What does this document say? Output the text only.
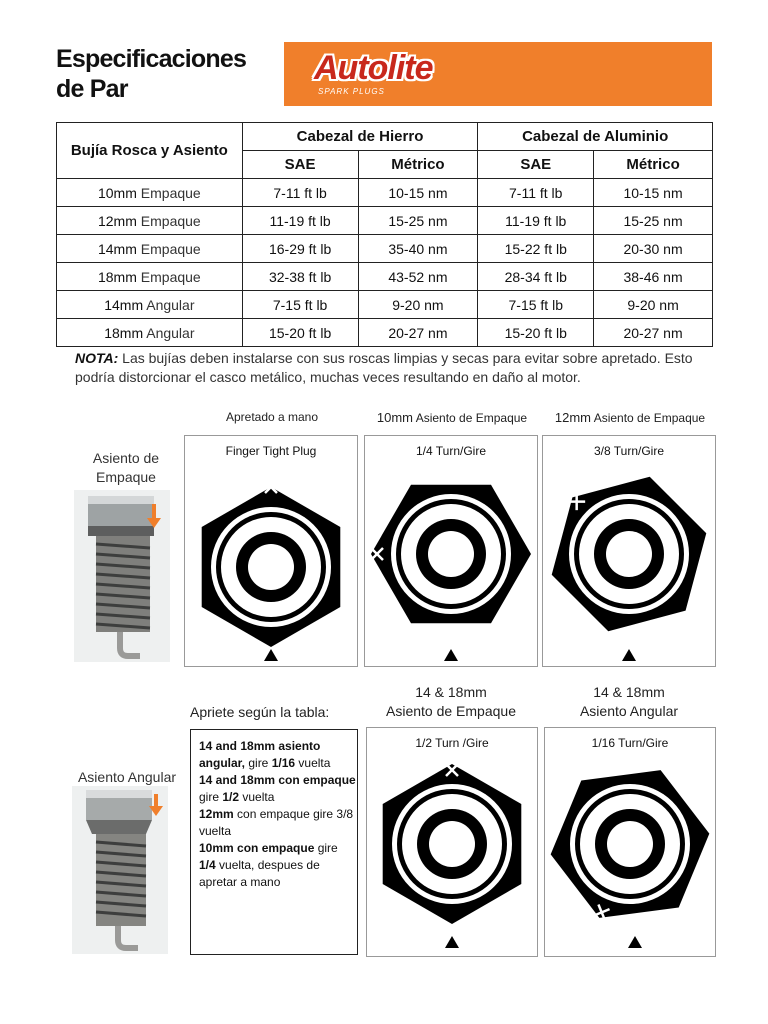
Especificaciones
de Par
Autolite
SPARK PLUGS
Bujía Rosca y Asiento	Cabezal de Hierro		Cabezal de Aluminio	
	SAE	Métrico	SAE	Métrico
10mm Empaque	7-11 ft lb	10-15 nm	7-11 ft lb	10-15 nm
12mm Empaque	11-19 ft lb	15-25 nm	11-19 ft lb	15-25 nm
14mm Empaque	16-29 ft lb	35-40 nm	15-22 ft lb	20-30 nm
18mm Empaque	32-38 ft lb	43-52 nm	28-34 ft lb	38-46 nm
14mm Angular	7-15 ft lb	9-20 nm	7-15 ft lb	9-20 nm
18mm Angular	15-20 ft lb	20-27 nm	15-20 ft lb	20-27 nm

NOTA: Las bujías deben instalarse con sus roscas limpias y secas para evitar sobre apretado. Esto podría distorcionar el casco metálico, muchas veces resultando en daño al motor.

Apretado a mano	10mm Asiento de Empaque	12mm Asiento de Empaque
Asiento de Empaque
Finger Tight Plug	1/4 Turn/Gire	3/8 Turn/Gire
Apriete según la tabla:
14 & 18mm
Asiento de Empaque
14 & 18mm
Asiento Angular
Asiento Angular

14 and 18mm asiento angular, gire 1/16 vuelta

14 and 18mm con empaque gire 1/2 vuelta

12mm con empaque gire 3/8 vuelta

10mm con empaque gire 1/4 vuelta, despues de apretar a mano

1/2 Turn /Gire	1/16 Turn/Gire
